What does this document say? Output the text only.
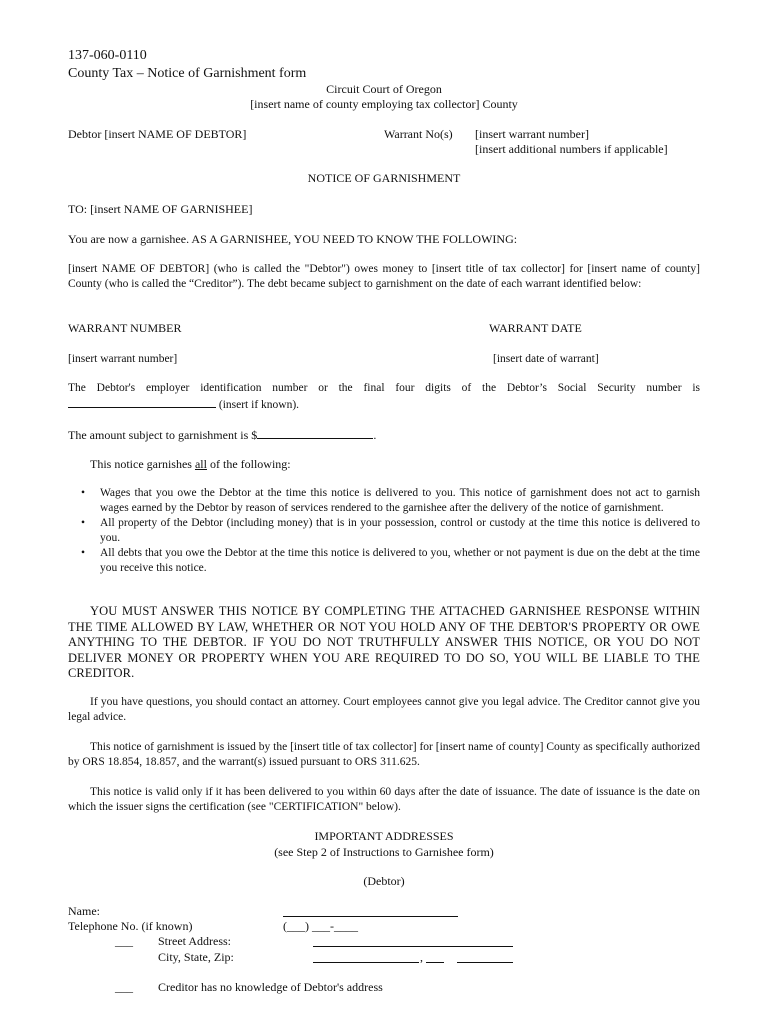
137-060-0110
County Tax – Notice of Garnishment form
Circuit Court of Oregon
[insert name of county employing tax collector] County
Debtor [insert NAME OF DEBTOR]	Warrant No(s) [insert warrant number]
[insert additional numbers if applicable]
NOTICE OF GARNISHMENT
TO: [insert NAME OF GARNISHEE]
You are now a garnishee. AS A GARNISHEE, YOU NEED TO KNOW THE FOLLOWING:
[insert NAME OF DEBTOR] (who is called the "Debtor") owes money to [insert title of tax collector] for [insert name of county] County (who is called the “Creditor”). The debt became subject to garnishment on the date of each warrant identified below:
WARRANT NUMBER	WARRANT DATE
[insert warrant number]	[insert date of warrant]
The Debtor's employer identification number or the final four digits of the Debtor’s Social Security number is  (insert if known).
The amount subject to garnishment is $	.
This notice garnishes all of the following:
• Wages that you owe the Debtor at the time this notice is delivered to you. This notice of garnishment does not act to garnish wages earned by the Debtor by reason of services rendered to the garnishee after the delivery of the notice of garnishment.
• All property of the Debtor (including money) that is in your possession, control or custody at the time this notice is delivered to you.
• All debts that you owe the Debtor at the time this notice is delivered to you, whether or not payment is due on the debt at the time you receive this notice.
YOU MUST ANSWER THIS NOTICE BY COMPLETING THE ATTACHED GARNISHEE RESPONSE WITHIN THE TIME ALLOWED BY LAW, WHETHER OR NOT YOU HOLD ANY OF THE DEBTOR'S PROPERTY OR OWE ANYTHING TO THE DEBTOR. IF YOU DO NOT TRUTHFULLY ANSWER THIS NOTICE, OR YOU DO NOT DELIVER MONEY OR PROPERTY WHEN YOU ARE REQUIRED TO DO SO, YOU WILL BE LIABLE TO THE CREDITOR.
If you have questions, you should contact an attorney. Court employees cannot give you legal advice. The Creditor cannot give you legal advice.
This notice of garnishment is issued by the [insert title of tax collector] for [insert name of county] County as specifically authorized by ORS 18.854, 18.857, and the warrant(s) issued pursuant to ORS 311.625.
This notice is valid only if it has been delivered to you within 60 days after the date of issuance. The date of issuance is the date on which the issuer signs the certification (see "CERTIFICATION" below).
IMPORTANT ADDRESSES
(see Step 2 of Instructions to Garnishee form)
(Debtor)
Name:
Telephone No. (if known)	(___) ___-____
___ Street Address:
City, State, Zip:	,
___ Creditor has no knowledge of Debtor's address
